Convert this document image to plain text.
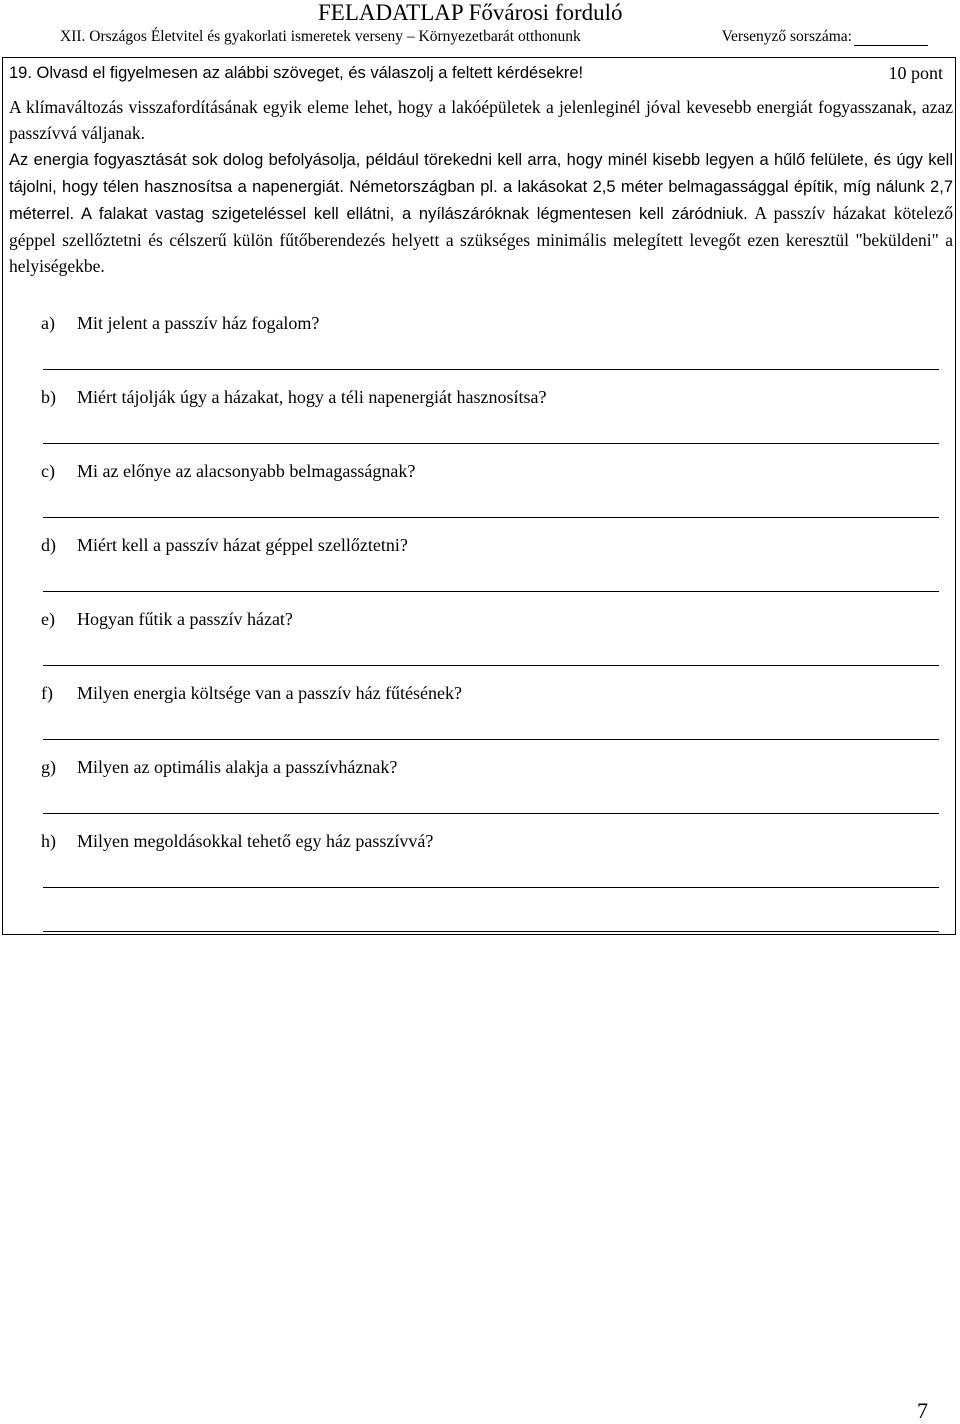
FELADATLAP Fővárosi forduló
XII. Országos Életvitel és gyakorlati ismeretek verseny – Környezetbarát otthonunk	Versenyző sorszáma:
19. Olvasd el figyelmesen az alábbi szöveget, és válaszolj a feltett kérdésekre!	10 pont

A klímaváltozás visszafordításának egyik eleme lehet, hogy a lakóépületek a jelenleginél jóval kevesebb energiát fogyasszanak, azaz passzívvá váljanak.

Az energia fogyasztását sok dolog befolyásolja, például törekedni kell arra, hogy minél kisebb legyen a hűlő felülete, és úgy kell tájolni, hogy télen hasznosítsa a napenergiát. Németországban pl. a lakásokat 2,5 méter belmagassággal építik, míg nálunk 2,7 méterrel. A falakat vastag szigeteléssel kell ellátni, a nyílászáróknak légmentesen kell záródniuk. A passzív házakat kötelező géppel szellőztetni és célszerű külön fűtőberendezés helyett a szükséges minimális melegített levegőt ezen keresztül "beküldeni" a helyiségekbe.

a)	Mit jelent a passzív ház fogalom?
b)	Miért tájolják úgy a házakat, hogy a téli napenergiát hasznosítsa?
c)	Mi az előnye az alacsonyabb belmagasságnak?
d)	Miért kell a passzív házat géppel szellőztetni?
e)	Hogyan fűtik a passzív házat?
f)	Milyen energia költsége van a passzív ház fűtésének?
g)	Milyen az optimális alakja a passzívháznak?
h)	Milyen megoldásokkal tehető egy ház passzívvá?
7
